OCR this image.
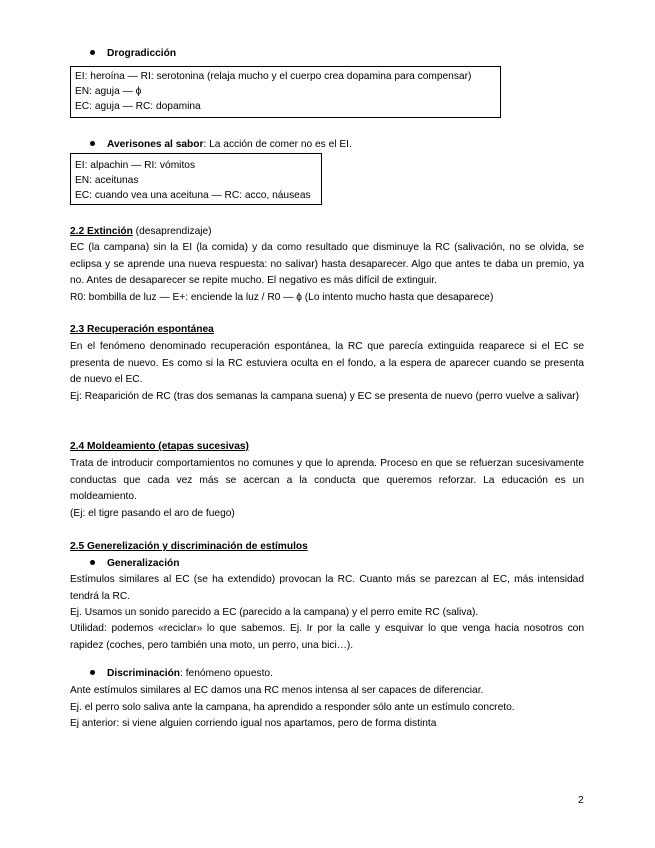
Drogradicción
EI: heroína — RI: serotonina (relaja mucho y el cuerpo crea dopamina para compensar)
EN: aguja — ϕ
EC: aguja — RC: dopamina
Averisones al sabor: La acción de comer no es el EI.
EI: alpachin — RI: vómitos
EN: aceitunas
EC: cuando vea una aceituna — RC: acco, náuseas
2.2 Extinción (desaprendizaje)
EC (la campana) sin la EI (la comida) y da como resultado que disminuye la RC (salivación, no se olvida, se eclipsa y se aprende una nueva respuesta: no salivar) hasta desaparecer. Algo que antes te daba un premio, ya no. Antes de desaparecer se repite mucho. El negativo es más difícil de extinguir.
R0: bombilla de luz — E+: enciende la luz / R0 — ϕ (Lo intento mucho hasta que desaparece)
2.3 Recuperación espontánea
En el fenómeno denominado recuperación espontánea, la RC que parecía extinguida reaparece si el EC se presenta de nuevo. Es como si la RC estuviera oculta en el fondo, a la espera de aparecer cuando se presenta de nuevo el EC.
Ej: Reaparición de RC (tras dos semanas la campana suena) y EC se presenta de nuevo (perro vuelve a salivar)
2.4 Moldeamiento (etapas sucesivas)
Trata de introducir comportamientos no comunes y que lo aprenda. Proceso en que se refuerzan sucesivamente conductas que cada vez más se acercan a la conducta que queremos reforzar. La educación es un moldeamiento.
(Ej: el tigre pasando el aro de fuego)
2.5 Generelización y discriminación de estímulos
Generalización
Estímulos similares al EC (se ha extendido) provocan la RC. Cuanto más se parezcan al EC, más intensidad tendrá la RC.
Ej. Usamos un sonido parecido a EC (parecido a la campana) y el perro emite RC (saliva).
Utilidad: podemos «reciclar» lo que sabemos. Ej. Ir por la calle y esquivar lo que venga hacia nosotros con rapidez (coches, pero también una moto, un perro, una bici…).
Discriminación: fenómeno opuesto.
Ante estímulos similares al EC damos una RC menos intensa al ser capaces de diferenciar.
Ej. el perro solo saliva ante la campana, ha aprendido a responder sólo ante un estímulo concreto.
Ej anterior: si viene alguien corriendo igual nos apartamos, pero de forma distinta
2
